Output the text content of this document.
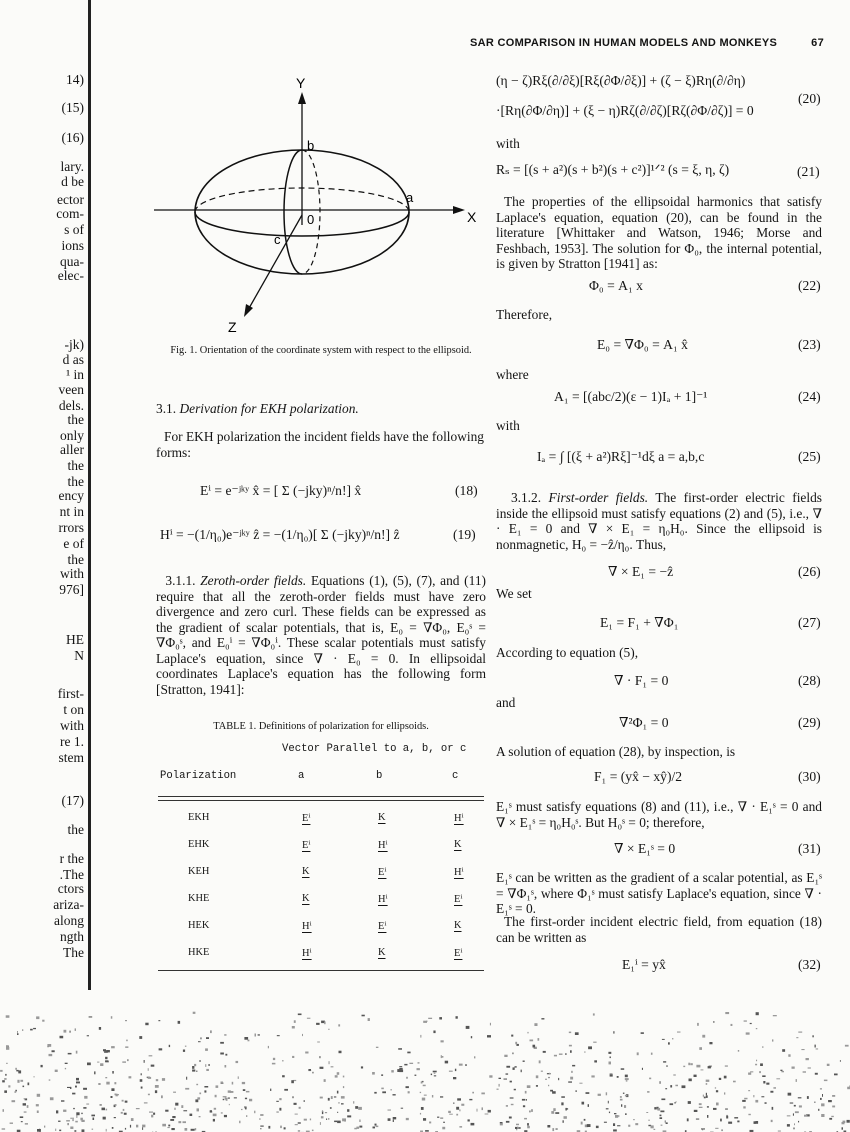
14)
(15)
(16)
lary.
d be
ector
com-
s of
ions
qua-
elec-
-jk)
d as
¹ in
veen
dels.
the
only
aller
the
the
ency
nt in
rrors
e of
the
with
976]
HE
N
first-
t on
with
re 1.
stem
(17)
the
r the
.The
ctors
ariza-
along
ngth
The
SAR COMPARISON IN HUMAN MODELS AND MONKEYS	67
Y
X
Z
a
b
c
0
Fig. 1. Orientation of the coordinate system with respect to the ellipsoid.
3.1. Derivation for EKH polarization.
For EKH polarization the incident fields have the following forms:
Eⁱ = e⁻ʲᵏʸ x̂ = [ Σ (−jky)ⁿ/n!] x̂	(18)
Hⁱ = −(1/η₀)e⁻ʲᵏʸ ẑ = −(1/η₀)[ Σ (−jky)ⁿ/n!] ẑ	(19)
3.1.1. Zeroth-order fields. Equations (1), (5), (7), and (11) require that all the zeroth-order fields must have zero divergence and zero curl. These fields can be expressed as the gradient of scalar potentials, that is, E₀ = ∇Φ₀, E₀ˢ = ∇Φ₀ˢ, and E₀ⁱ = ∇Φ₀ⁱ. These scalar potentials must satisfy Laplace's equation, since ∇ · E₀ = 0. In ellipsoidal coordinates Laplace's equation has the following form [Stratton, 1941]:
TABLE 1. Definitions of polarization for ellipsoids.
Vector Parallel to a, b, or c
Polarization	a	b	c
EKH	Eⁱ	K	Hⁱ
EHK	Eⁱ	Hⁱ	K
KEH	K	Eⁱ	Hⁱ
KHE	K	Hⁱ	Eⁱ
HEK	Hⁱ	Eⁱ	K
HKE	Hⁱ	K	Eⁱ
(η − ζ)Rξ(∂/∂ξ)[Rξ(∂Φ/∂ξ)] + (ζ − ξ)Rη(∂/∂η)
·[Rη(∂Φ/∂η)] + (ξ − η)Rζ(∂/∂ζ)[Rζ(∂Φ/∂ζ)] = 0
(20)
with
Rₛ = [(s + a²)(s + b²)(s + c²)]¹ᐟ² (s = ξ, η, ζ)	(21)
The properties of the ellipsoidal harmonics that satisfy Laplace's equation, equation (20), can be found in the literature [Whittaker and Watson, 1946; Morse and Feshbach, 1953]. The solution for Φ₀, the internal potential, is given by Stratton [1941] as:
Φ₀ = A₁ x	(22)
Therefore,
E₀ = ∇Φ₀ = A₁ x̂	(23)
where
A₁ = [(abc/2)(ε − 1)Iₐ + 1]⁻¹	(24)
with
Iₐ = ∫ [(ξ + a²)Rξ]⁻¹dξ a = a,b,c	(25)
3.1.2. First-order fields. The first-order electric fields inside the ellipsoid must satisfy equations (2) and (5), i.e., ∇ · E₁ = 0 and ∇ × E₁ = η₀H₀. Since the ellipsoid is nonmagnetic, H₀ = −ẑ/η₀. Thus,
∇ × E₁ = −ẑ	(26)
We set
E₁ = F₁ + ∇Φ₁	(27)
According to equation (5),
∇ · F₁ = 0	(28)
and
∇²Φ₁ = 0	(29)
A solution of equation (28), by inspection, is
F₁ = (yx̂ − xŷ)/2	(30)
E₁ˢ must satisfy equations (8) and (11), i.e., ∇ · E₁ˢ = 0 and ∇ × E₁ˢ = η₀H₀ˢ. But H₀ˢ = 0; therefore,
∇ × E₁ˢ = 0	(31)
E₁ˢ can be written as the gradient of a scalar potential, as E₁ˢ = ∇Φ₁ˢ, where Φ₁ˢ must satisfy Laplace's equation, since ∇ · E₁ˢ = 0.
The first-order incident electric field, from equation (18) can be written as
E₁ⁱ = yx̂	(32)
